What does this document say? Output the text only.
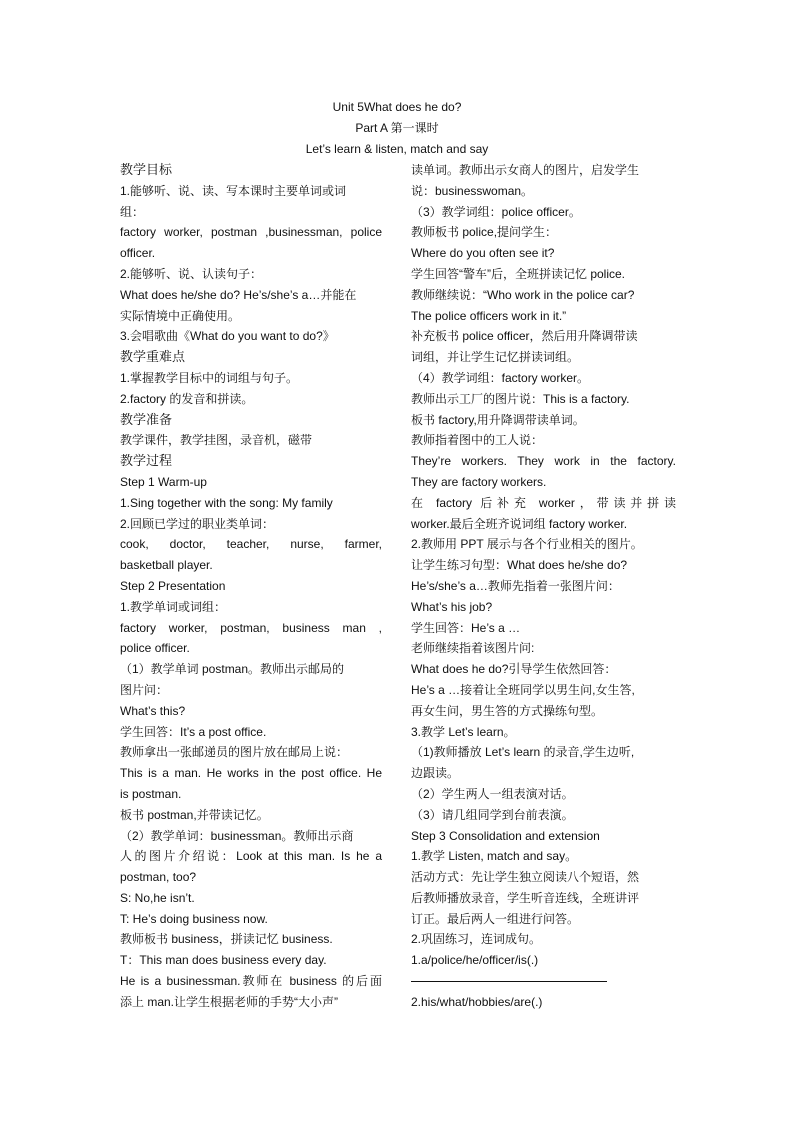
Unit 5What does he do?
Part A 第一课时
Let’s learn & listen, match and say
教学目标
1.能够听、说、读、写本课时主要单词或词
组：
factory worker, postman ,businessman, police
officer.
2.能够听、说、认读句子：
What does he/she do? He’s/she’s a…并能在
实际情境中正确使用。
3.会唱歌曲《What do you want to do?》
教学重难点
1.掌握教学目标中的词组与句子。
2.factory 的发音和拼读。
教学准备
教学课件，教学挂图，录音机，磁带
教学过程
Step 1 Warm-up
1.Sing together with the song: My family
2.回顾已学过的职业类单词：
cook, doctor, teacher, nurse, farmer,
basketball player.
Step 2 Presentation
1.教学单词或词组：
factory worker, postman, business man ,
police officer.
（1）教学单词 postman。教师出示邮局的
图片问：
What’s this?
学生回答：It’s a post office.
教师拿出一张邮递员的图片放在邮局上说：
This is a man. He works in the post office. He
is postman.
板书 postman,并带读记忆。
（2）教学单词：businessman。教师出示商
人的图片介绍说：Look at this man. Is he a
postman, too?
S: No,he isn’t.
T: He’s doing business now.
教师板书 business，拼读记忆 business.
T：This man does business every day.
He is a businessman.教师在 business 的后面
添上 man.让学生根据老师的手势“大小声”
读单词。教师出示女商人的图片，启发学生
说：businesswoman。
（3）教学词组：police officer。
教师板书 police,提问学生：
Where do you often see it?
学生回答“警车”后，全班拼读记忆 police.
教师继续说：“Who work in the police car?
The police officers work in it.”
补充板书 police officer，然后用升降调带读
词组，并让学生记忆拼读词组。
（4）教学词组：factory worker。
教师出示工厂的图片说：This is a factory.
板书 factory,用升降调带读单词。
教师指着图中的工人说：
They’re workers. They work in the factory.
They are factory workers.
在 factory 后补充 worker，带读并拼读
worker.最后全班齐说词组 factory worker.
2.教师用 PPT 展示与各个行业相关的图片。
让学生练习句型：What does he/she do?
He’s/she’s a…教师先指着一张图片问：
What’s his job?
学生回答：He’s a …
老师继续指着该图片问:
What does he do?引导学生依然回答：
He’s a …接着让全班同学以男生问,女生答,
再女生问，男生答的方式操练句型。
3.教学 Let’s learn。
（1)教师播放 Let’s learn 的录音,学生边听,
边跟读。
（2）学生两人一组表演对话。
（3）请几组同学到台前表演。
Step 3 Consolidation and extension
1.教学 Listen, match and say。
活动方式：先让学生独立阅读八个短语，然
后教师播放录音，学生听音连线，全班讲评
订正。最后两人一组进行问答。
2.巩固练习，连词成句。
1.a/police/he/officer/is(.)
2.his/what/hobbies/are(.)
